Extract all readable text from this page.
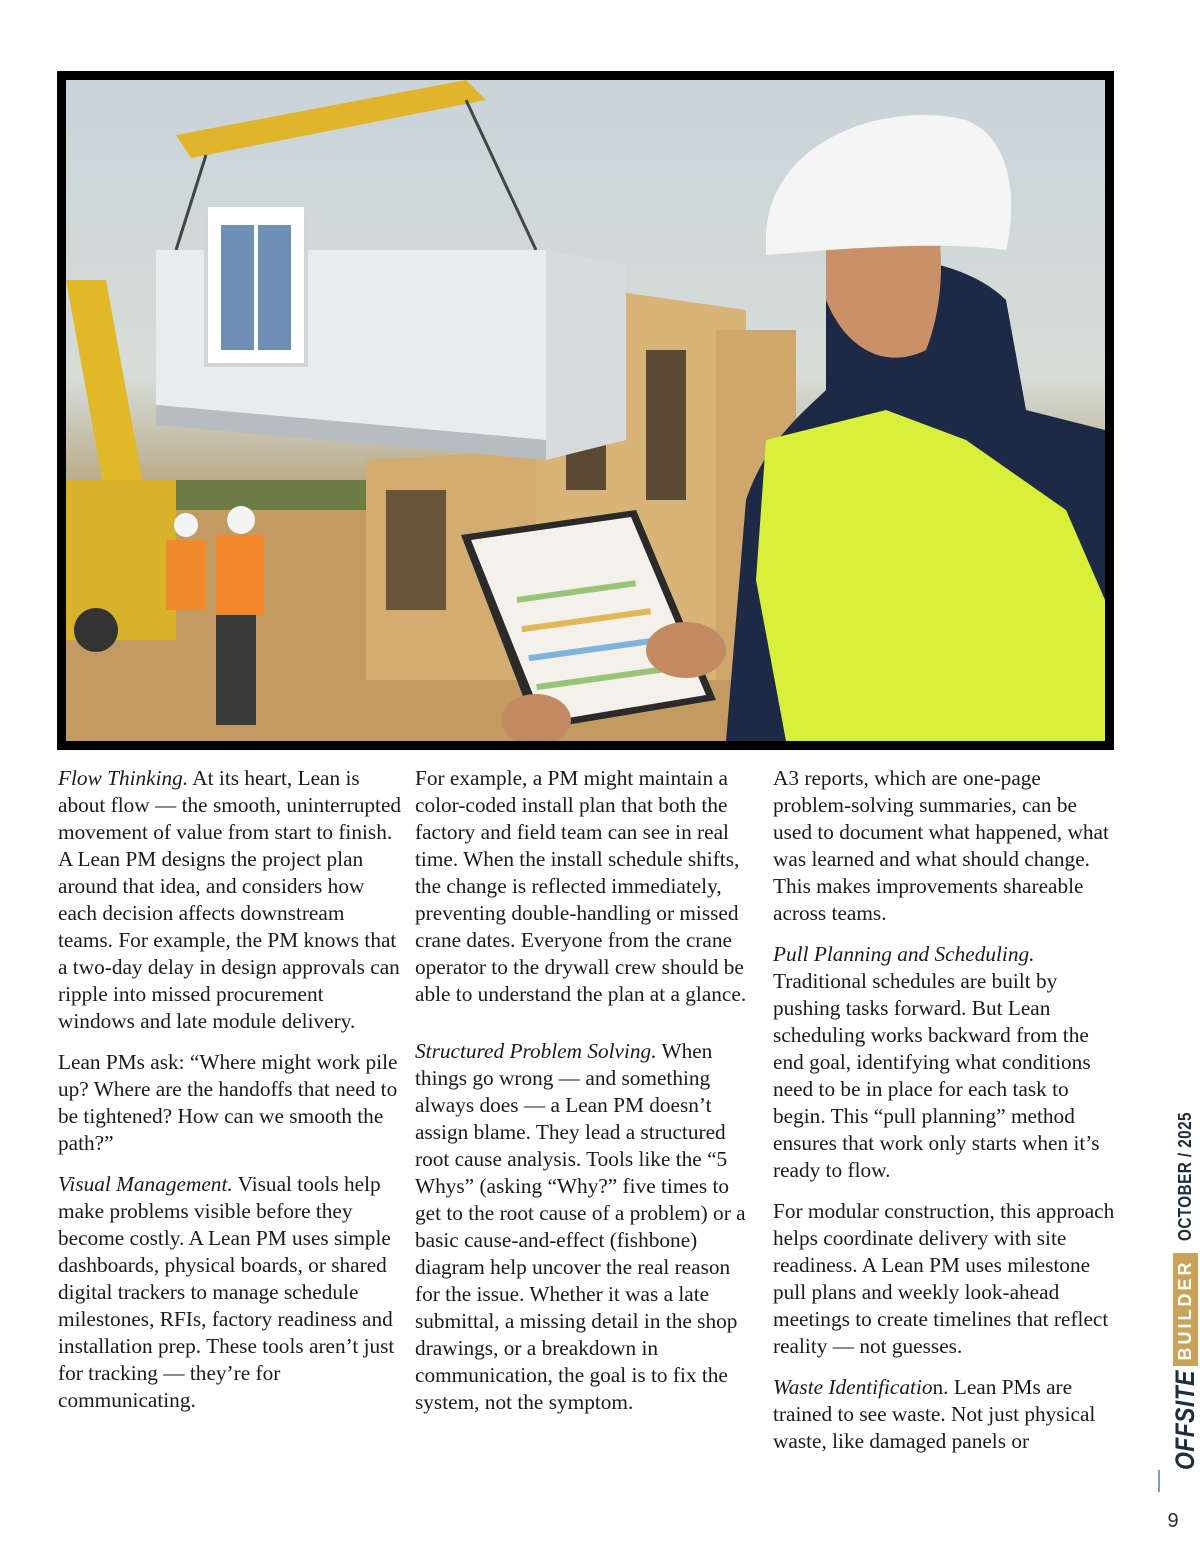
Flow Thinking. At its heart, Lean is about flow — the smooth, uninterrupted movement of value from start to finish. A Lean PM designs the project plan around that idea, and considers how each decision affects downstream teams. For example, the PM knows that a two-day delay in design approvals can ripple into missed procurement windows and late module delivery.

Lean PMs ask: “Where might work pile up? Where are the handoffs that need to be tightened? How can we smooth the path?”

Visual Management. Visual tools help make problems visible before they become costly. A Lean PM uses simple dashboards, physical boards, or shared digital trackers to manage schedule milestones, RFIs, factory readiness and installation prep. These tools aren’t just for tracking — they’re for communicating.

For example, a PM might maintain a color-coded install plan that both the factory and field team can see in real time. When the install schedule shifts, the change is reflected immediately, preventing double-handling or missed crane dates. Everyone from the crane operator to the drywall crew should be able to understand the plan at a glance.

Structured Problem Solving. When things go wrong — and something always does — a Lean PM doesn’t assign blame. They lead a structured root cause analysis. Tools like the “5 Whys” (asking “Why?” five times to get to the root cause of a problem) or a basic cause-and-effect (fishbone) diagram help uncover the real reason for the issue. Whether it was a late submittal, a missing detail in the shop drawings, or a breakdown in communication, the goal is to fix the system, not the symptom.

A3 reports, which are one-page problem-solving summaries, can be used to document what happened, what was learned and what should change. This makes improvements shareable across teams.

Pull Planning and Scheduling. Traditional schedules are built by pushing tasks forward. But Lean scheduling works backward from the end goal, identifying what conditions need to be in place for each task to begin. This “pull planning” method ensures that work only starts when it’s ready to flow.

For modular construction, this approach helps coordinate delivery with site readiness. A Lean PM uses milestone pull plans and weekly look-ahead meetings to create timelines that reflect reality — not guesses.

Waste Identification. Lean PMs are trained to see waste. Not just physical waste, like damaged panels or	OFFSITE
BUILDER
OCTOBER / 2025
9
